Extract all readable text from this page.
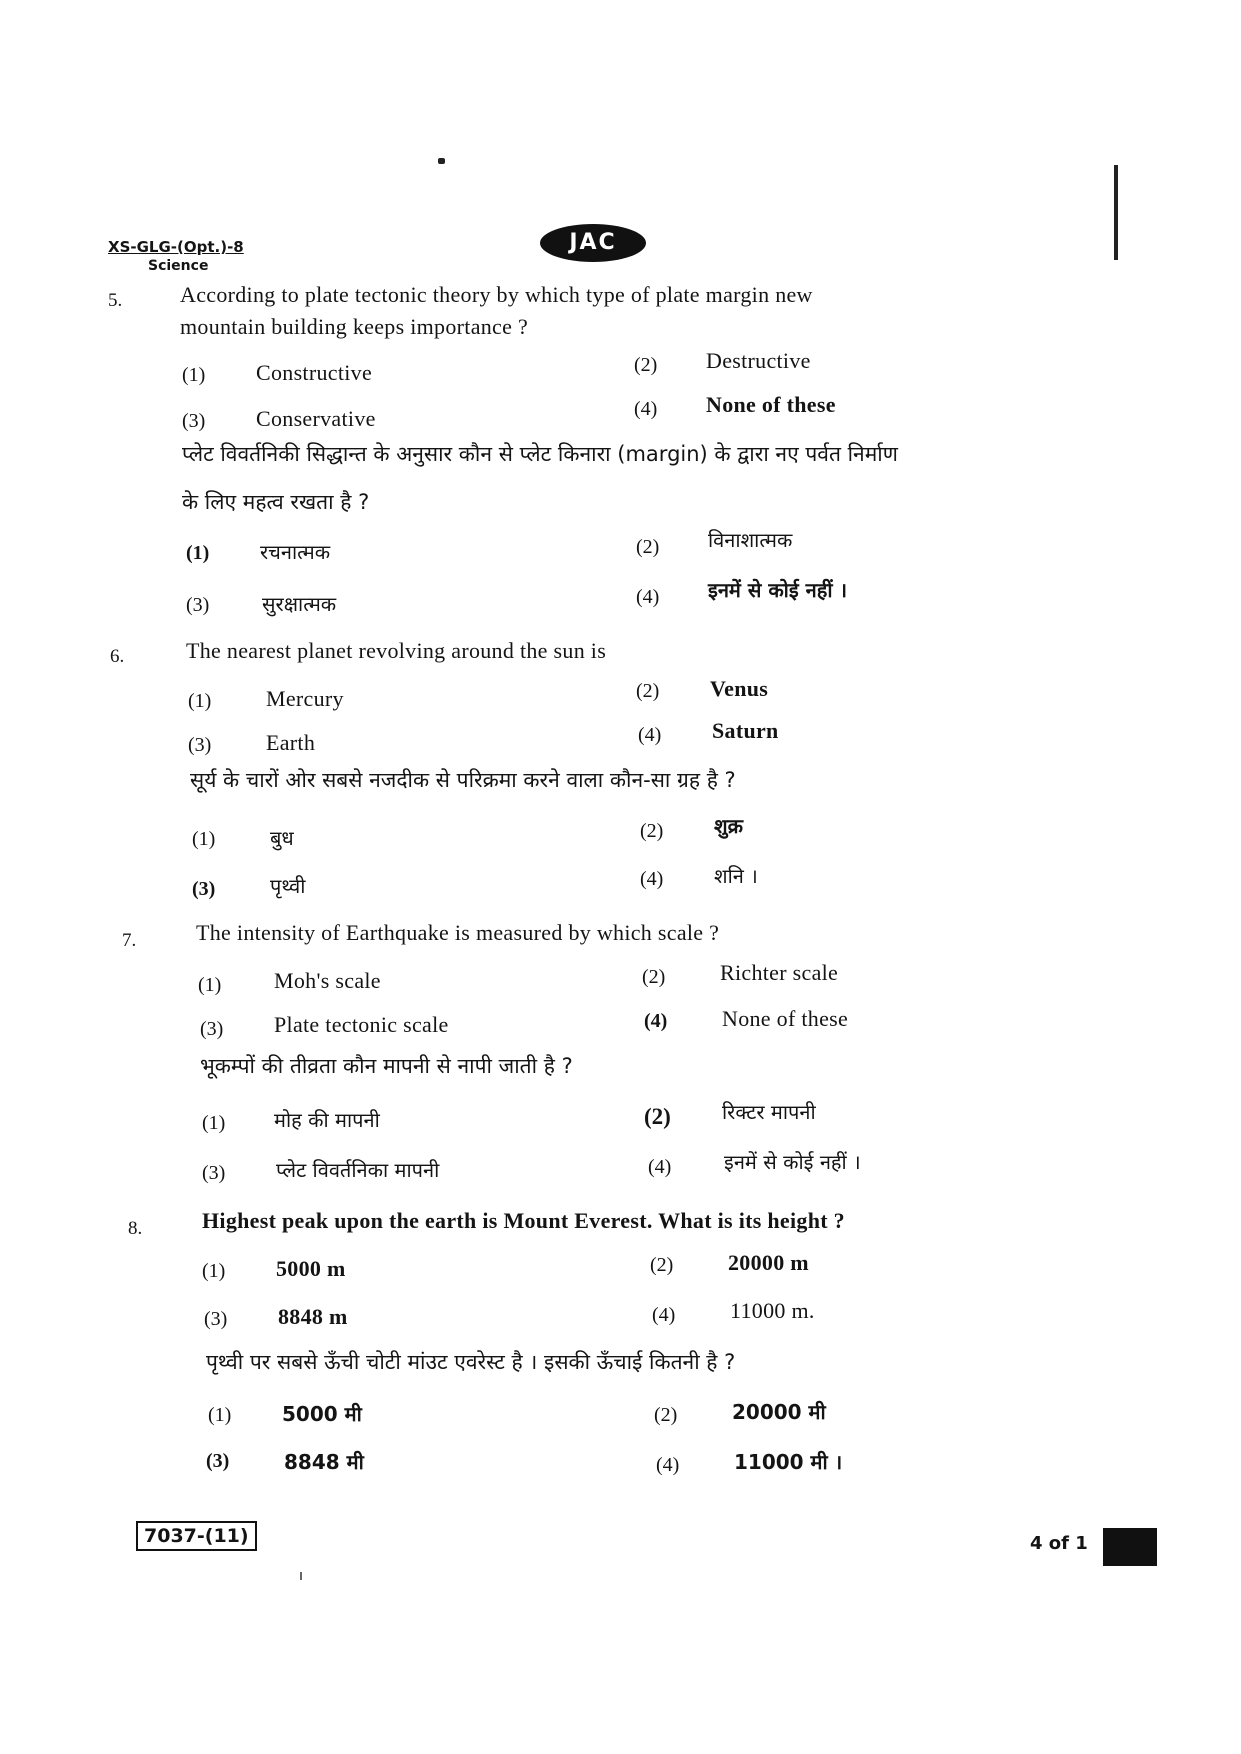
XS-GLG-(Opt.)-8
Science
JAC
5.	According to plate tectonic theory by which type of plate margin new
mountain building keeps importance ?
(1) Constructive	(2) Destructive
(3) Conservative	(4) None of these
प्लेट विवर्तनिकी सिद्धान्त के अनुसार कौन से प्लेट किनारा (margin) के द्वारा नए पर्वत निर्माण
के लिए महत्व रखता है ?
(1)	रचनात्मक	(2) विनाशात्मक
(3)	सुरक्षात्मक	(4) इनमें से कोई नहीं ।
6.	The nearest planet revolving around the sun is
(1) Mercury	(2) Venus
(3) Earth	(4) Saturn
सूर्य के चारों ओर सबसे नजदीक से परिक्रमा करने वाला कौन-सा ग्रह है ?
(1)	बुध	(2)	शुक्र
(3)	पृथ्वी	(4)	शनि ।
7.	The intensity of Earthquake is measured by which scale ?
(1) Moh's scale	(2) Richter scale
(3) Plate tectonic scale	(4) None of these
भूकम्पों की तीव्रता कौन मापनी से नापी जाती है ?
(1) मोह की मापनी	(2)	रिक्टर मापनी
(3)	प्लेट विवर्तनिका मापनी	(4)	इनमें से कोई नहीं ।
8.	Highest peak upon the earth is Mount Everest. What is its height ?
(1) 5000 m	(2) 20000 m
(3) 8848 m	(4) 11000 m.
पृथ्वी पर सबसे ऊँची चोटी मांउट एवरेस्ट है । इसकी ऊँचाई कितनी है ?
(1)	5000 मी	(2)	20000 मी
(3)	8848 मी	(4)	11000 मी ।
7037-(11)	4 of 1
